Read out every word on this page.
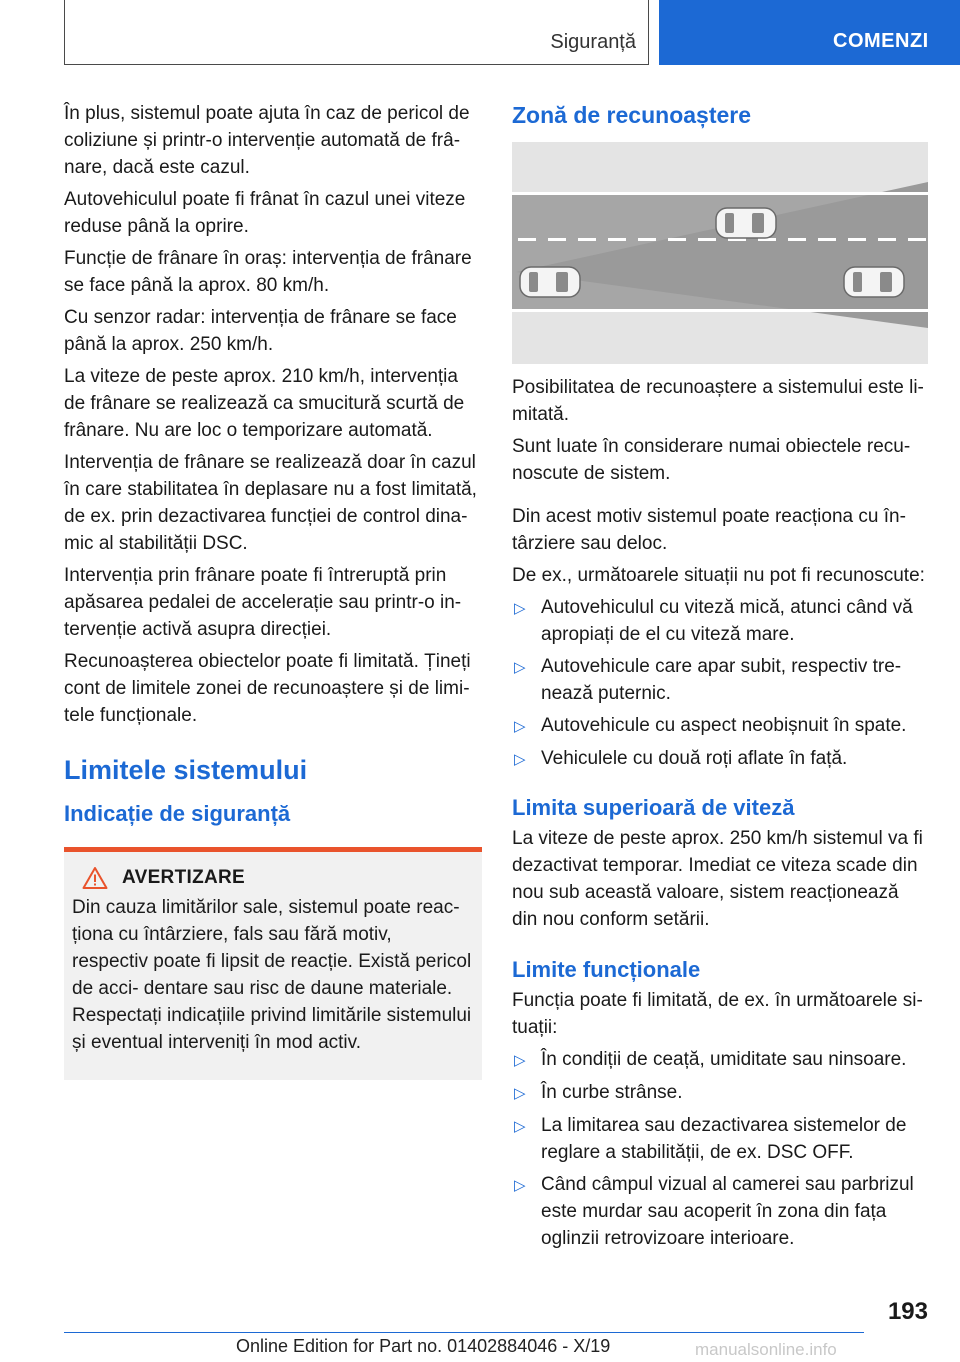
Siguranță	COMENZI

În plus, sistemul poate ajuta în caz de pericol de coliziune și printr-o intervenție automată de frâ- nare, dacă este cazul.

Autovehiculul poate fi frânat în cazul unei viteze reduse până la oprire.

Funcție de frânare în oraș: intervenția de frânare se face până la aprox. 80 km/h.

Cu senzor radar: intervenția de frânare se face până la aprox. 250 km/h.

La viteze de peste aprox. 210 km/h, intervenția de frânare se realizează ca smucitură scurtă de frânare. Nu are loc o temporizare automată.

Intervenția de frânare se realizează doar în cazul în care stabilitatea în deplasare nu a fost limitată, de ex. prin dezactivarea funcției de control dina- mic al stabilității DSC.

Intervenția prin frânare poate fi întreruptă prin apăsarea pedalei de accelerație sau printr-o in- tervenție activă asupra direcției.

Recunoașterea obiectelor poate fi limitată. Țineți cont de limitele zonei de recunoaștere și de limi- tele funcționale.

Limitele sistemului
Indicație de siguranță
AVERTIZARE

Din cauza limitărilor sale, sistemul poate reac- ționa cu întârziere, fals sau fără motiv, respectiv poate fi lipsit de reacție. Există pericol de acci- dentare sau risc de daune materiale. Respectați indicațiile privind limitările sistemului și eventual interveniți în mod activ.

Zonă de recunoaștere

Posibilitatea de recunoaștere a sistemului este li- mitată.

Sunt luate în considerare numai obiectele recu- noscute de sistem.

Din acest motiv sistemul poate reacționa cu în- târziere sau deloc.

De ex., următoarele situații nu pot fi recunoscute:

▷ Autovehiculul cu viteză mică, atunci când vă apropiați de el cu viteză mare.
▷ Autovehicule care apar subit, respectiv tre- nează puternic.
▷ Autovehicule cu aspect neobișnuit în spate.
▷ Vehiculele cu două roți aflate în față.
Limita superioară de viteză

La viteze de peste aprox. 250 km/h sistemul va fi dezactivat temporar. Imediat ce viteza scade din nou sub această valoare, sistem reacționează din nou conform setării.

Limite funcționale

Funcția poate fi limitată, de ex. în următoarele si- tuații:

▷ În condiții de ceață, umiditate sau ninsoare.
▷ În curbe strânse.
▷ La limitarea sau dezactivarea sistemelor de reglare a stabilității, de ex. DSC OFF.
▷ Când câmpul vizual al camerei sau parbrizul este murdar sau acoperit în zona din fața oglinzii retrovizoare interioare.
193
Online Edition for Part no. 01402884046 - X/19	manualsonline.info
